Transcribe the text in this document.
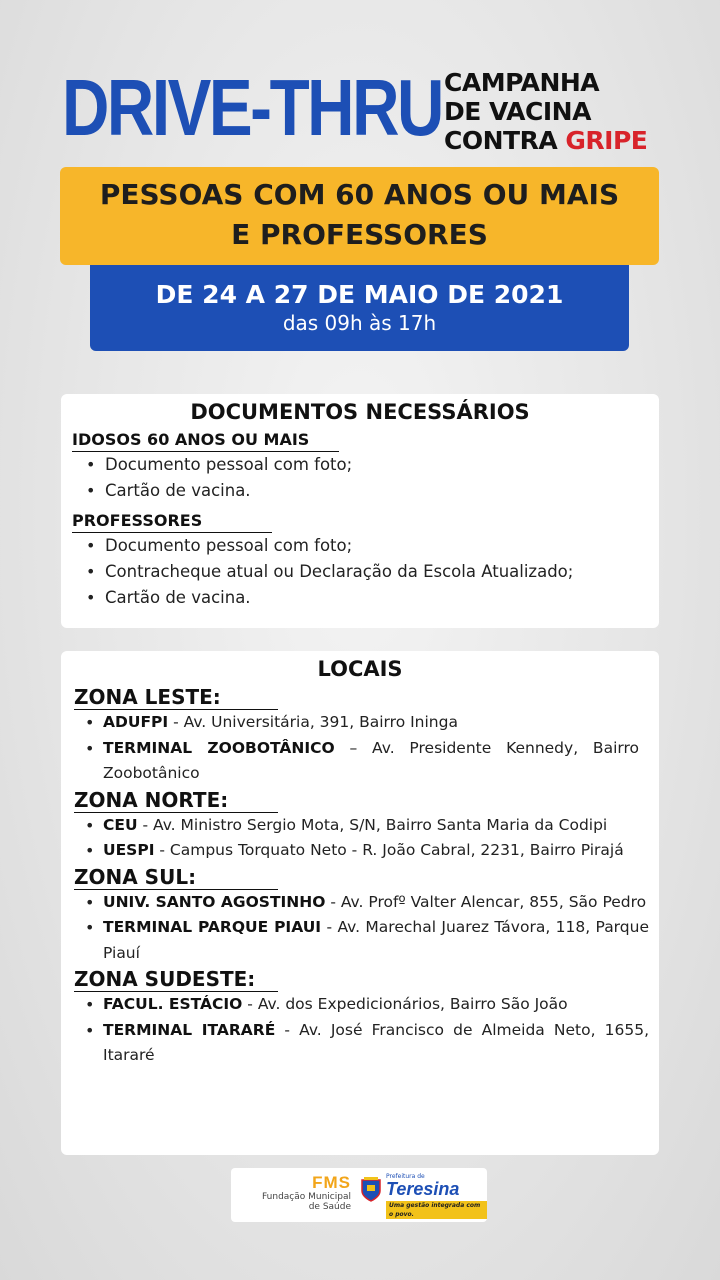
DRIVE-THRU CAMPANHA
DE VACINA
CONTRA GRIPE
PESSOAS COM 60 ANOS OU MAIS
E PROFESSORES
DE 24 A 27 DE MAIO DE 2021
das 09h às 17h
DOCUMENTOS NECESSÁRIOS
IDOSOS 60 ANOS OU MAIS
• Documento pessoal com foto;
• Cartão de vacina.
PROFESSORES
• Documento pessoal com foto;
• Contracheque atual ou Declaração da Escola Atualizado;
• Cartão de vacina.
LOCAIS
ZONA LESTE:
• ADUFPI - Av. Universitária, 391, Bairro Ininga
• TERMINAL ZOOBOTÂNICO – Av. Presidente Kennedy, Bairro Zoobotânico
ZONA NORTE:
• CEU - Av. Ministro Sergio Mota, S/N, Bairro Santa Maria da Codipi
• UESPI - Campus Torquato Neto - R. João Cabral, 2231, Bairro Pirajá
ZONA SUL:
• UNIV. SANTO AGOSTINHO - Av. Profº Valter Alencar, 855, São Pedro
• TERMINAL PARQUE PIAUI - Av. Marechal Juarez Távora, 118, Parque Piauí
ZONA SUDESTE:
• FACUL. ESTÁCIO - Av. dos Expedicionários, Bairro São João
• TERMINAL ITARARÉ - Av. José Francisco de Almeida Neto, 1655, Itararé
FMS
Fundação Municipal
de Saúde
Prefeitura de
Teresina
Uma gestão integrada com o povo.
